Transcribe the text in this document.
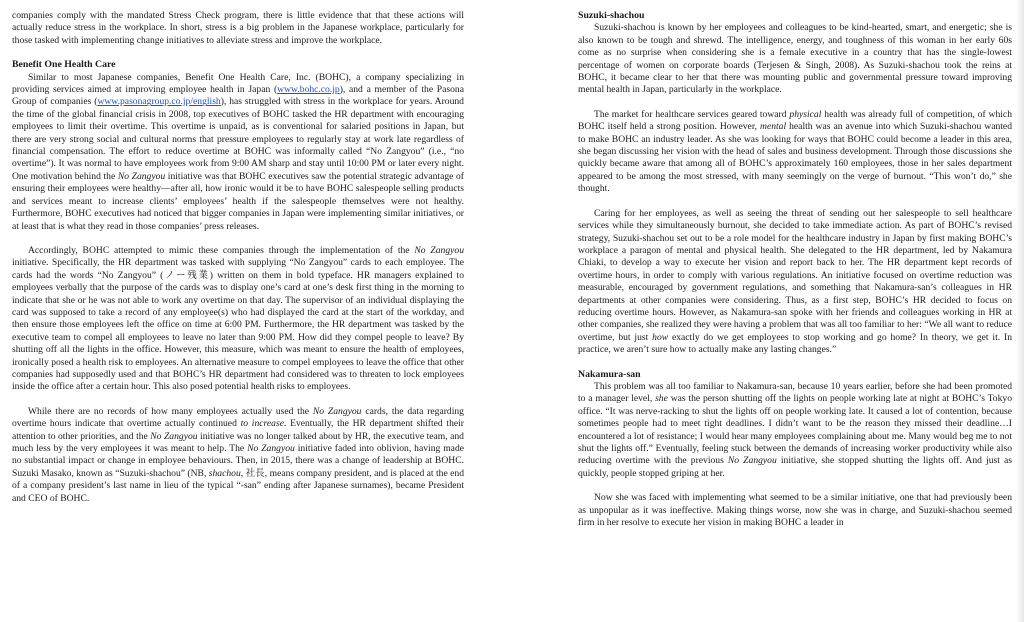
companies comply with the mandated Stress Check program, there is little evidence that that these actions will actually reduce stress in the workplace. In short, stress is a big problem in the Japanese workplace, particularly for those tasked with implementing change initiatives to alleviate stress and improve the workplace.

Benefit One Health Care

Similar to most Japanese companies, Benefit One Health Care, Inc. (BOHC), a company specializing in providing services aimed at improving employee health in Japan (www.bohc.co.jp), and a member of the Pasona Group of companies (www.pasonagroup.co.jp/english), has struggled with stress in the workplace for years. Around the time of the global financial crisis in 2008, top executives of BOHC tasked the HR department with encouraging employees to limit their overtime. This overtime is unpaid, as is conventional for salaried positions in Japan, but there are very strong social and cultural norms that pressure employees to regularly stay at work late regardless of financial compensation. The effort to reduce overtime at BOHC was informally called “No Zangyou” (i.e., “no overtime”). It was normal to have employees work from 9:00 AM sharp and stay until 10:00 PM or later every night. One motivation behind the No Zangyou initiative was that BOHC executives saw the potential strategic advantage of ensuring their employees were healthy—after all, how ironic would it be to have BOHC salespeople selling products and services meant to increase clients’ employees’ health if the salespeople themselves were not healthy. Furthermore, BOHC executives had noticed that bigger companies in Japan were implementing similar initiatives, or at least that is what they read in those companies’ press releases.

Accordingly, BOHC attempted to mimic these companies through the implementation of the No Zangyou initiative. Specifically, the HR department was tasked with supplying “No Zangyou” cards to each employee. The cards had the words “No Zangyou” (ノー残業) written on them in bold typeface. HR managers explained to employees verbally that the purpose of the cards was to display one’s card at one’s desk first thing in the morning to indicate that she or he was not able to work any overtime on that day. The supervisor of an individual displaying the card was supposed to take a record of any employee(s) who had displayed the card at the start of the workday, and then ensure those employees left the office on time at 6:00 PM. Furthermore, the HR department was tasked by the executive team to compel all employees to leave no later than 9:00 PM. How did they compel people to leave? By shutting off all the lights in the office. However, this measure, which was meant to ensure the health of employees, ironically posed a health risk to employees. An alternative measure to compel employees to leave the office that other companies had supposedly used and that BOHC’s HR department had considered was to threaten to lock employees inside the office after a certain hour. This also posed potential health risks to employees.

While there are no records of how many employees actually used the No Zangyou cards, the data regarding overtime hours indicate that overtime actually continued to increase. Eventually, the HR department shifted their attention to other priorities, and the No Zangyou initiative was no longer talked about by HR, the executive team, and much less by the very employees it was meant to help. The No Zangyou initiative faded into oblivion, having made no substantial impact or change in employee behaviours. Then, in 2015, there was a change of leadership at BOHC. Suzuki Masako, known as “Suzuki-shachou” (NB, shachou, 社長, means company president, and is placed at the end of a company president’s last name in lieu of the typical “-san” ending after Japanese surnames), became President and CEO of BOHC.

Suzuki-shachou

Suzuki-shachou is known by her employees and colleagues to be kind-hearted, smart, and energetic; she is also known to be tough and shrewd. The intelligence, energy, and toughness of this woman in her early 60s come as no surprise when considering she is a female executive in a country that has the single-lowest percentage of women on corporate boards (Terjesen & Singh, 2008). As Suzuki-shachou took the reins at BOHC, it became clear to her that there was mounting public and governmental pressure toward improving mental health in Japan, particularly in the workplace.

The market for healthcare services geared toward physical health was already full of competition, of which BOHC itself held a strong position. However, mental health was an avenue into which Suzuki-shachou wanted to make BOHC an industry leader. As she was looking for ways that BOHC could become a leader in this area, she began discussing her vision with the head of sales and business development. Through those discussions she quickly became aware that among all of BOHC’s approximately 160 employees, those in her sales department appeared to be among the most stressed, with many seemingly on the verge of burnout. “This won’t do,” she thought.

Caring for her employees, as well as seeing the threat of sending out her salespeople to sell healthcare services while they simultaneously burnout, she decided to take immediate action. As part of BOHC’s revised strategy, Suzuki-shachou set out to be a role model for the healthcare industry in Japan by first making BOHC’s workplace a paragon of mental and physical health. She delegated to the HR department, led by Nakamura Chiaki, to develop a way to execute her vision and report back to her. The HR department kept records of overtime hours, in order to comply with various regulations. An initiative focused on overtime reduction was measurable, encouraged by government regulations, and something that Nakamura-san’s colleagues in HR departments at other companies were considering. Thus, as a first step, BOHC’s HR decided to focus on reducing overtime hours. However, as Nakamura-san spoke with her friends and colleagues working in HR at other companies, she realized they were having a problem that was all too familiar to her: “We all want to reduce overtime, but just how exactly do we get employees to stop working and go home? In theory, we get it. In practice, we aren’t sure how to actually make any lasting changes.”

Nakamura-san

This problem was all too familiar to Nakamura-san, because 10 years earlier, before she had been promoted to a manager level, she was the person shutting off the lights on people working late at night at BOHC’s Tokyo office. “It was nerve-racking to shut the lights off on people working late. It caused a lot of contention, because sometimes people had to meet tight deadlines. I didn’t want to be the reason they missed their deadline…I encountered a lot of resistance; I would hear many employees complaining about me. Many would beg me to not shut the lights off.” Eventually, feeling stuck between the demands of increasing worker productivity while also reducing overtime with the previous No Zangyou initiative, she stopped shutting the lights off. And just as quickly, people stopped griping at her.

Now she was faced with implementing what seemed to be a similar initiative, one that had previously been as unpopular as it was ineffective. Making things worse, now she was in charge, and Suzuki-shachou seemed firm in her resolve to execute her vision in making BOHC a leader in
